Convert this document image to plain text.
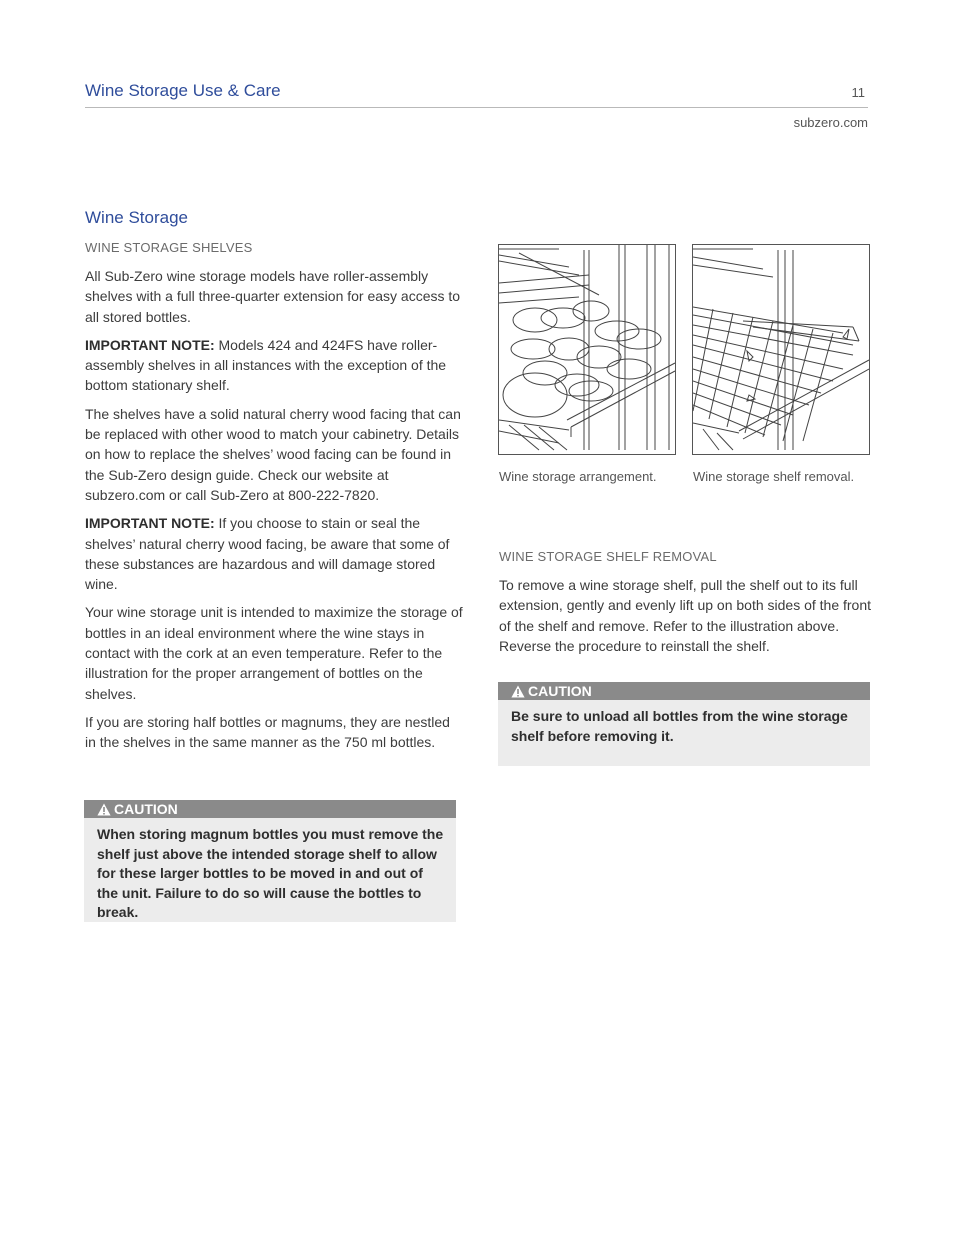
Wine Storage Use & Care	11
subzero.com
Wine Storage
WINE STORAGE SHELVES

All Sub-Zero wine storage models have roller-assembly shelves with a full three-quarter extension for easy access to all stored bottles.

IMPORTANT NOTE: Models 424 and 424FS have roller-assembly shelves in all instances with the exception of the bottom stationary shelf.

The shelves have a solid natural cherry wood facing that can be replaced with other wood to match your cabinetry. Details on how to replace the shelves’ wood facing can be found in the Sub-Zero design guide. Check our website at subzero.com or call Sub-Zero at 800-222-7820.

IMPORTANT NOTE: If you choose to stain or seal the shelves’ natural cherry wood facing, be aware that some of these substances are hazardous and will damage stored wine.

Your wine storage unit is intended to maximize the storage of bottles in an ideal environment where the wine stays in contact with the cork at an even temperature. Refer to the illustration for the proper arrangement of bottles on the shelves.

If you are storing half bottles or magnums, they are nestled in the shelves in the same manner as the 750 ml bottles.

CAUTION
When storing magnum bottles you must remove the shelf just above the intended storage shelf to allow for these larger bottles to be moved in and out of the unit. Failure to do so will cause the bottles to break.
Wine storage arrangement.	Wine storage shelf removal.
WINE STORAGE SHELF REMOVAL

To remove a wine storage shelf, pull the shelf out to its full extension, gently and evenly lift up on both sides of the front of the shelf and remove. Refer to the illustration above. Reverse the procedure to reinstall the shelf.

CAUTION
Be sure to unload all bottles from the wine storage shelf before removing it.
